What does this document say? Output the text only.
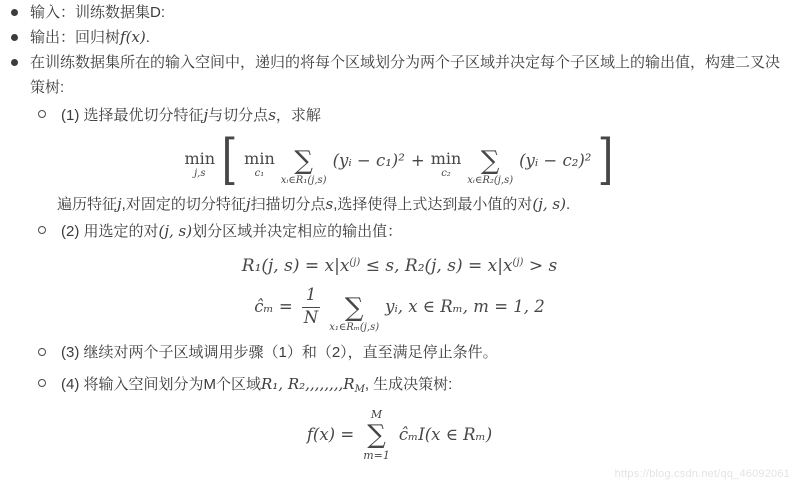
输入：训练数据集D:
输出：回归树f(x).
在训练数据集所在的输入空间中，递归的将每个区域划分为两个子区域并决定每个子区域上的输出值，构建二叉决策树:
(1) 选择最优切分特征j与切分点s，求解
min
j,s [ min
c₁ ∑
xᵢ∈R₁(j,s)
(yᵢ − c₁)² + min
c₂ ∑
xᵢ∈R₂(j,s)
(yᵢ − c₂)² ]
遍历特征j,对固定的切分特征j扫描切分点s,选择使得上式达到最小值的对(j, s).
(2) 用选定的对(j, s)划分区域并决定相应的输出值：
R₁(j, $s) = x|x^{(j)} \le s$, R₂(j, $s) = x|x^{(j)} > s$
ĉₘ = $\frac{1}{N}$ ∑
x₁∈Rₘ(j,s)
yᵢ, x ∈ Rₘ, m = 1, 2
(3) 继续对两个子区域调用步骤（1）和（2），直至满足停止条件。
(4) 将输入空间划分为M个区域R₁, $R_2,,,,,,,,R_M$, 生成决策树:
f(x) =
M
∑
m=1
ĉₘI(x ∈ Rₘ)
https://blog.csdn.net/qq_46092061
